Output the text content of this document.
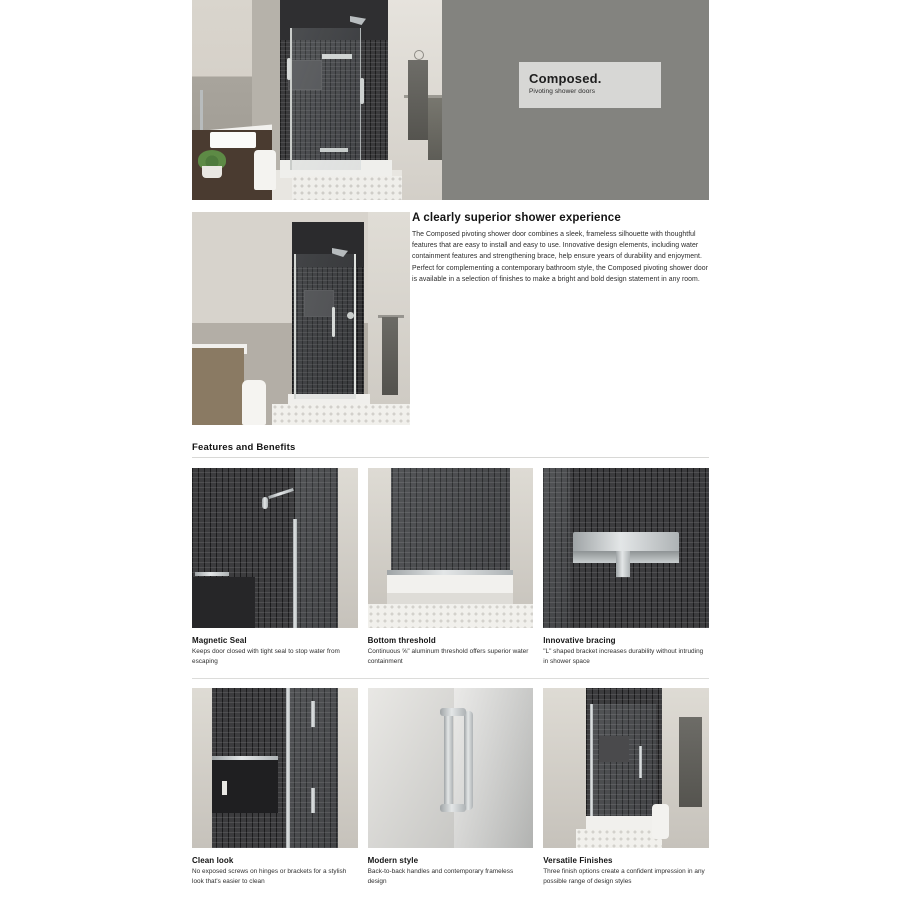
Composed.
Pivoting shower doors
A clearly superior shower experience

The Composed pivoting shower door combines a sleek, frameless silhouette with thoughtful features that are easy to install and easy to use. Innovative design elements, including water containment features and strengthening brace, help ensure years of durability and enjoyment. Perfect for complementing a contemporary bathroom style, the Composed pivoting shower door is available in a selection of finishes to make a bright and bold design statement in any room.

Features and Benefits
Magnetic Seal
Keeps door closed with tight seal to stop water from escaping
Bottom threshold
Continuous ⅝" aluminum threshold offers superior water containment
Innovative bracing
"L" shaped bracket increases durability without intruding in shower space
Clean look
No exposed screws on hinges or brackets for a stylish look that's easier to clean
Modern style
Back-to-back handles and contemporary frameless design
Versatile Finishes
Three finish options create a confident impression in any possible range of design styles
